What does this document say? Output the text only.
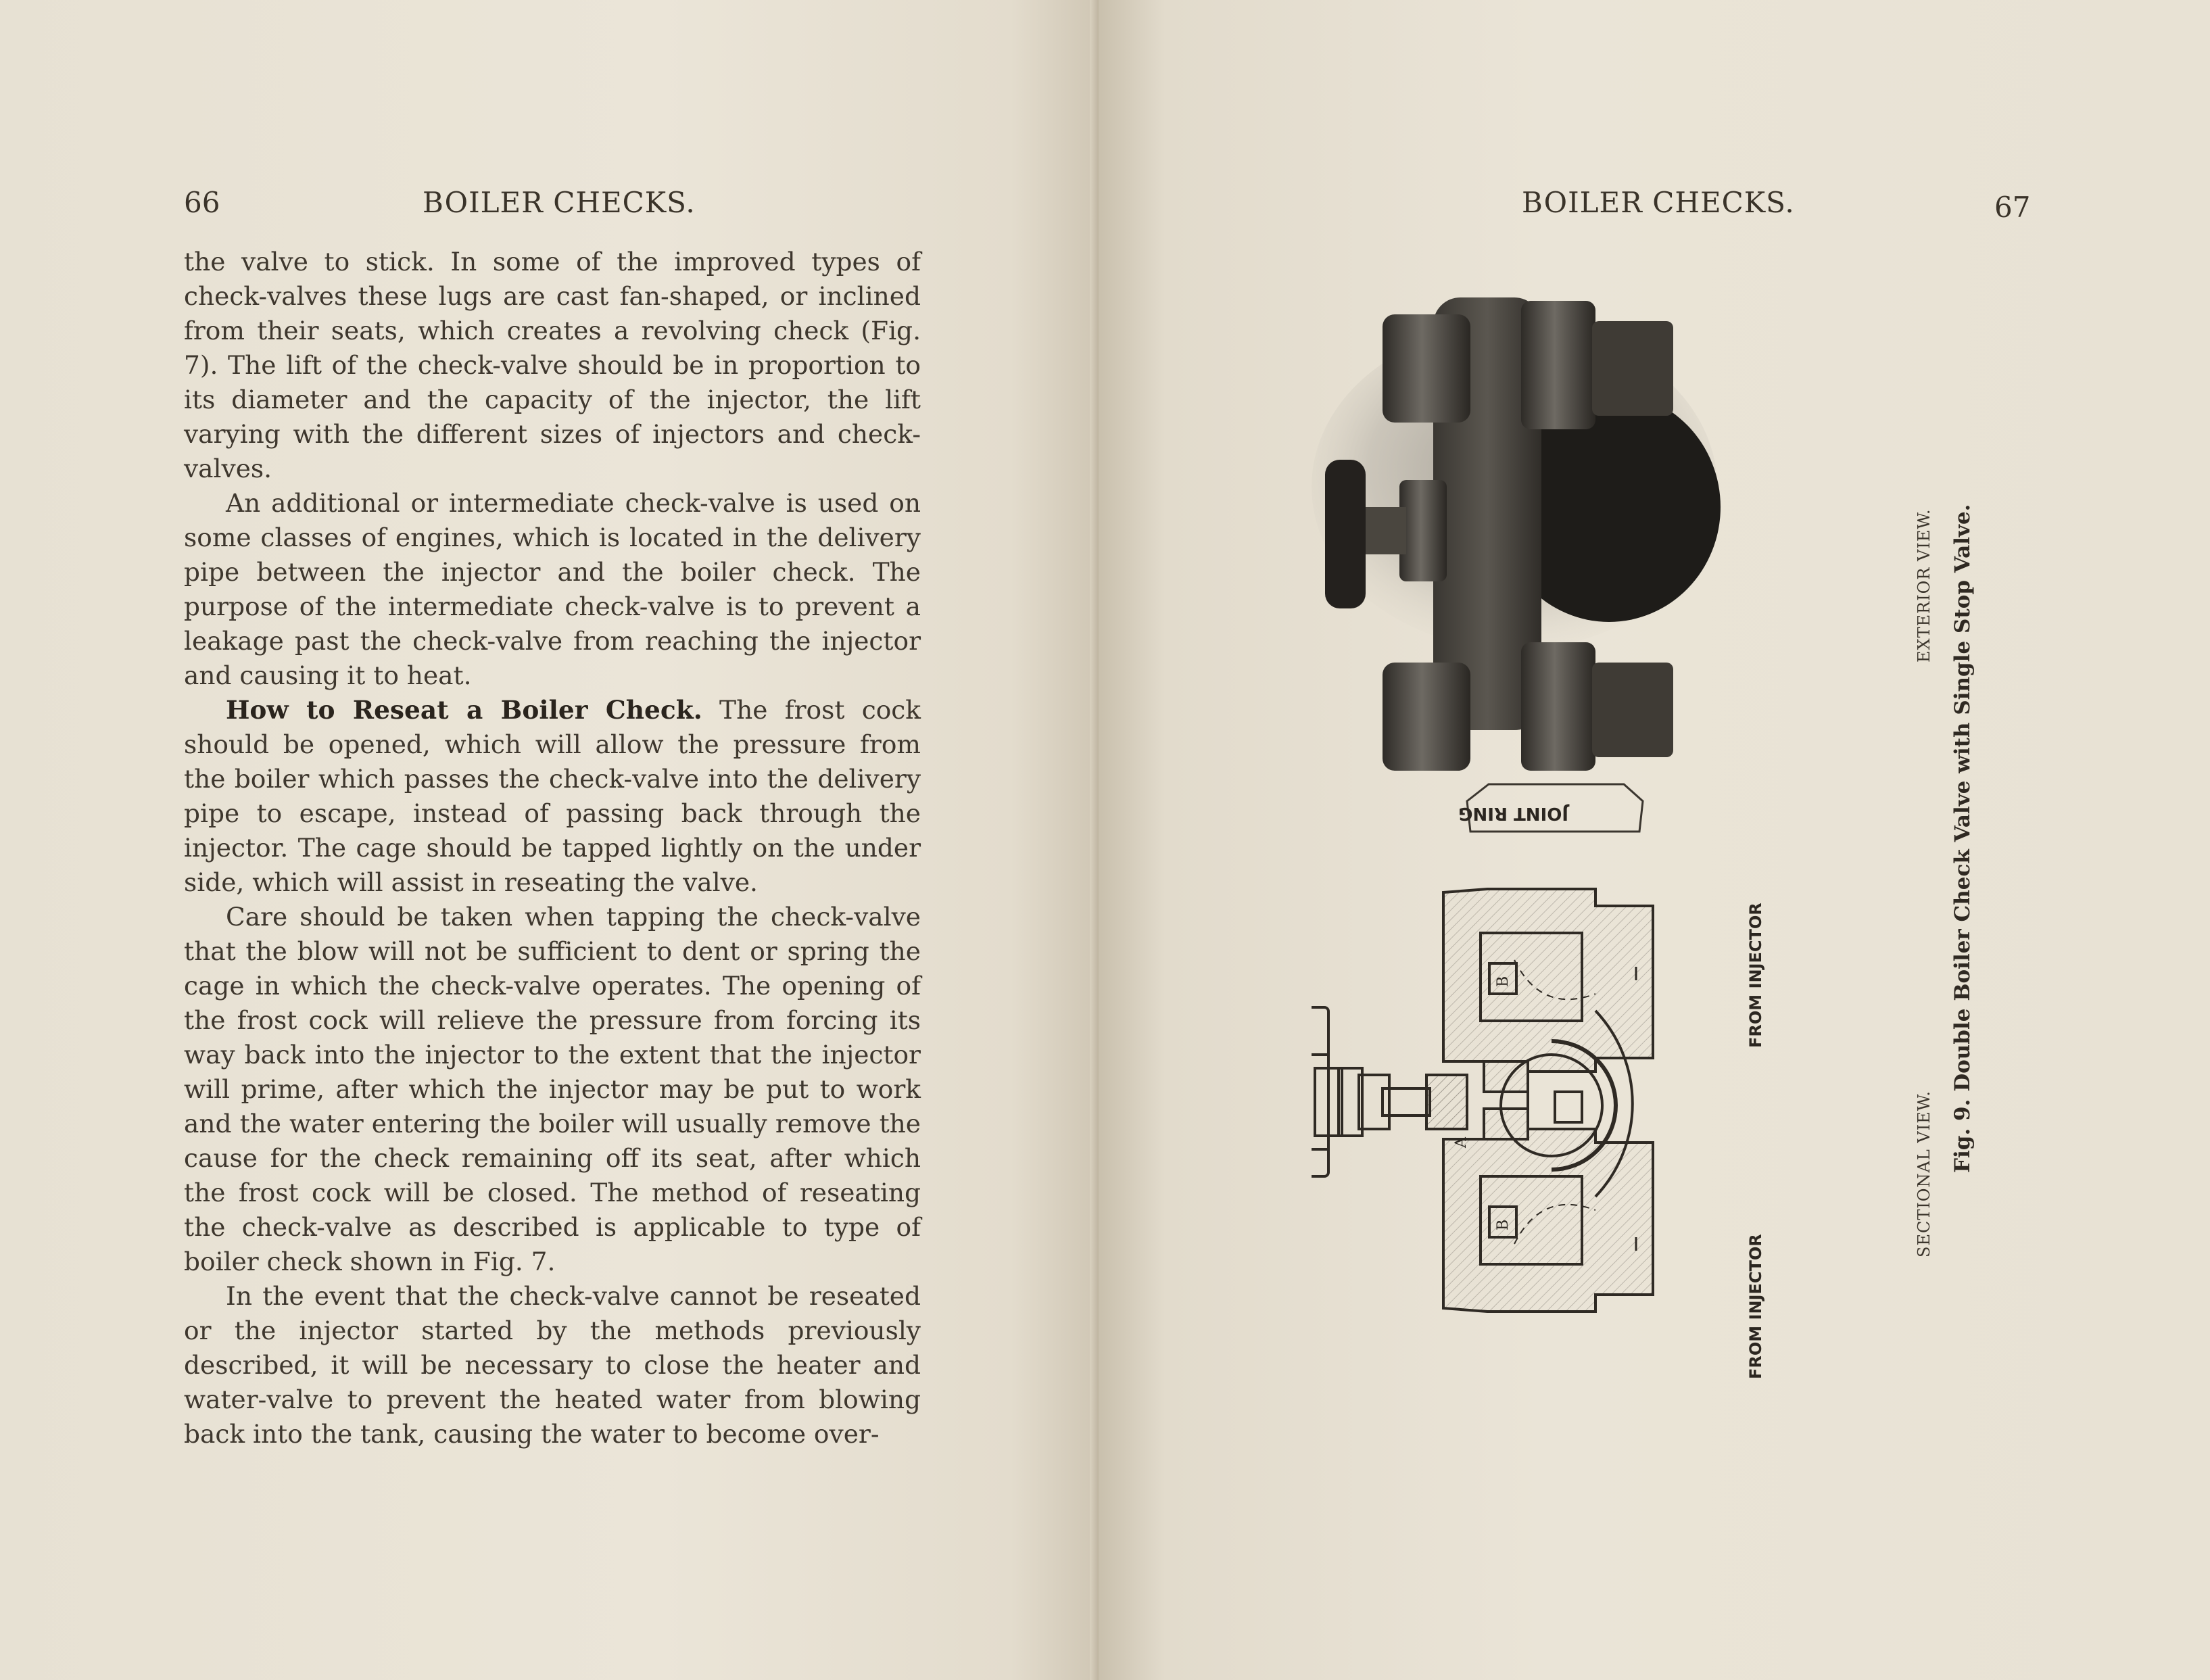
66	BOILER CHECKS.

the valve to stick. In some of the improved types of check-valves these lugs are cast fan-shaped, or inclined from their seats, which creates a revolving check (Fig. 7). The lift of the check-valve should be in proportion to its diameter and the capacity of the injector, the lift varying with the different sizes of injectors and check-valves.

An additional or intermediate check-valve is used on some classes of engines, which is located in the delivery pipe between the injector and the boiler check. The purpose of the intermediate check-valve is to prevent a leakage past the check-valve from reaching the injector and causing it to heat.

How to Reseat a Boiler Check. The frost cock should be opened, which will allow the pressure from the boiler which passes the check-valve into the delivery pipe to escape, instead of passing back through the injector. The cage should be tapped lightly on the under side, which will assist in reseating the valve.

Care should be taken when tapping the check-valve that the blow will not be sufficient to dent or spring the cage in which the check-valve operates. The opening of the frost cock will relieve the pressure from forcing its way back into the injector to the extent that the injector will prime, after which the injector may be put to work and the water entering the boiler will usually remove the cause for the check remaining off its seat, after which the frost cock will be closed. The method of reseating the check-valve as described is applicable to type of boiler check shown in Fig. 7.

In the event that the check-valve cannot be reseated or the injector started by the methods previously described, it will be necessary to close the heater and water-valve to prevent the heated water from blowing back into the tank, causing the water to become over-

BOILER CHECKS.	67
JOINT RING
A
B
B
FROM INJECTOR
FROM INJECTOR
EXTERIOR VIEW.
SECTIONAL VIEW.
Fig. 9. Double Boiler Check Valve with Single Stop Valve.
